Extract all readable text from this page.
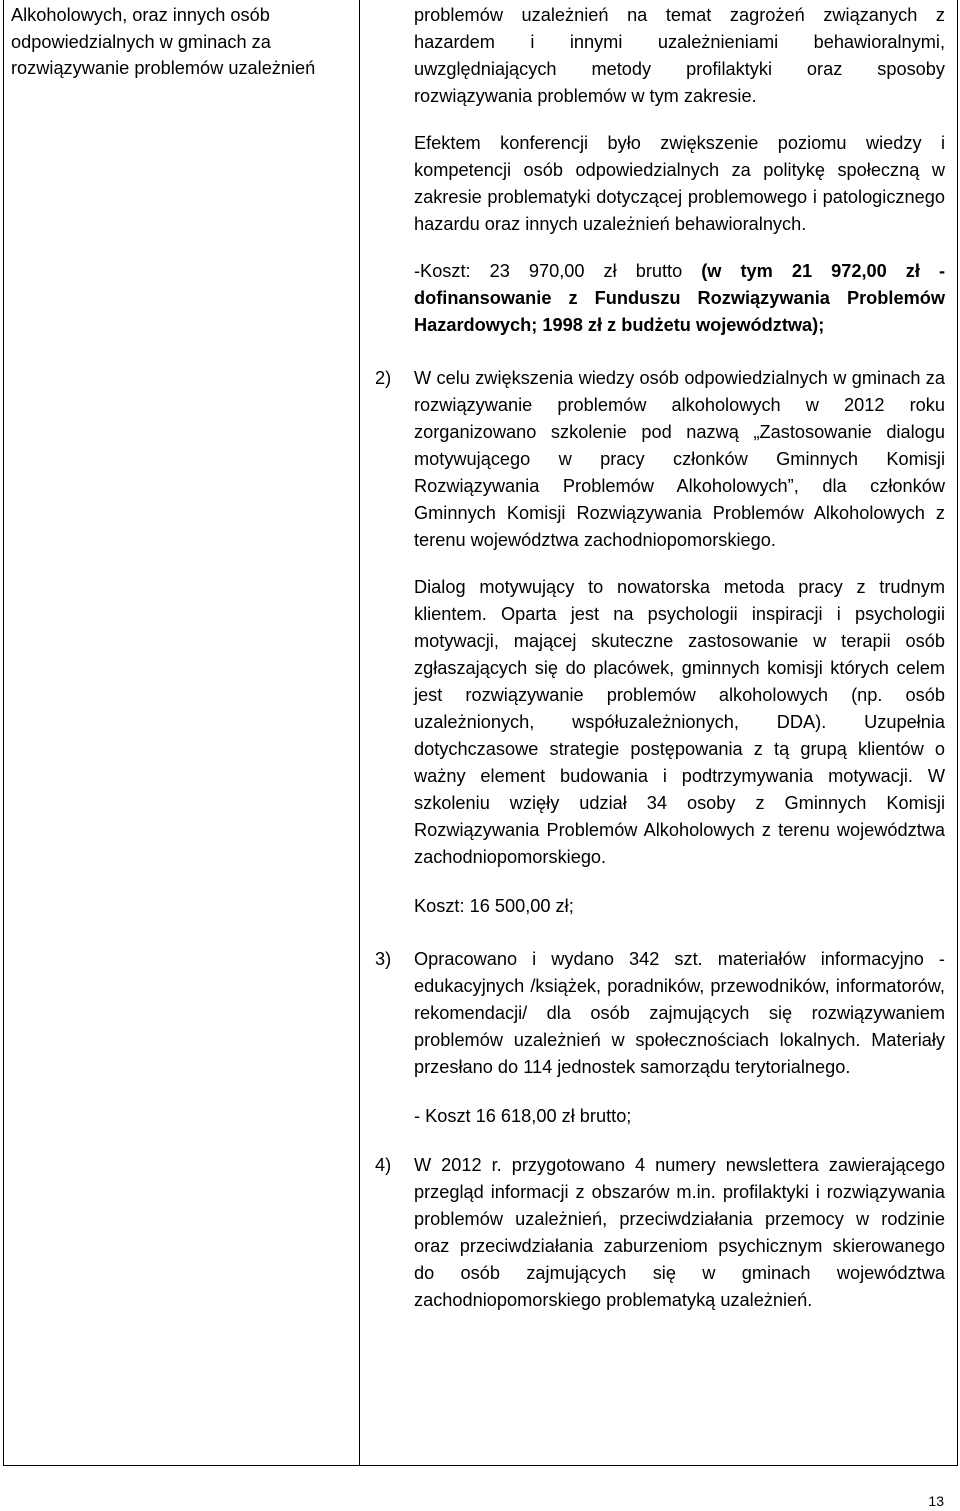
Alkoholowych, oraz innych osób odpowiedzialnych w gminach za rozwiązywanie problemów uzależnień

problemów uzależnień na temat zagrożeń związanych z hazardem i innymi uzależnieniami behawioralnymi, uwzględniających metody profilaktyki oraz sposoby rozwiązywania problemów w tym zakresie.

Efektem konferencji było zwiększenie poziomu wiedzy i kompetencji osób odpowiedzialnych za politykę społeczną w zakresie problematyki dotyczącej problemowego i patologicznego hazardu oraz innych uzależnień behawioralnych.

-Koszt: 23 970,00 zł brutto (w tym 21 972,00 zł - dofinansowanie z Funduszu Rozwiązywania Problemów Hazardowych; 1998 zł z budżetu województwa);

2) W celu zwiększenia wiedzy osób odpowiedzialnych w gminach za rozwiązywanie problemów alkoholowych w 2012 roku zorganizowano szkolenie pod nazwą „Zastosowanie dialogu motywującego w pracy członków Gminnych Komisji Rozwiązywania Problemów Alkoholowych”, dla członków Gminnych Komisji Rozwiązywania Problemów Alkoholowych z terenu województwa zachodniopomorskiego.

Dialog motywujący to nowatorska metoda pracy z trudnym klientem. Oparta jest na psychologii inspiracji i psychologii motywacji, mającej skuteczne zastosowanie w terapii osób zgłaszających się do placówek, gminnych komisji których celem jest rozwiązywanie problemów alkoholowych (np. osób uzależnionych, współuzależnionych, DDA). Uzupełnia dotychczasowe strategie postępowania z tą grupą klientów o ważny element budowania i podtrzymywania motywacji. W szkoleniu wzięły udział 34 osoby z Gminnych Komisji Rozwiązywania Problemów Alkoholowych z terenu województwa zachodniopomorskiego.

Koszt: 16 500,00 zł;

3) Opracowano i wydano 342 szt. materiałów informacyjno - edukacyjnych /książek, poradników, przewodników, informatorów, rekomendacji/ dla osób zajmujących się rozwiązywaniem problemów uzależnień w społecznościach lokalnych. Materiały przesłano do 114 jednostek samorządu terytorialnego.

- Koszt 16 618,00 zł brutto;

4) W 2012 r. przygotowano 4 numery newslettera zawierającego przegląd informacji z obszarów m.in. profilaktyki i rozwiązywania problemów uzależnień, przeciwdziałania przemocy w rodzinie oraz przeciwdziałania zaburzeniom psychicznym skierowanego do osób zajmujących się w gminach województwa zachodniopomorskiego problematyką uzależnień.

13
